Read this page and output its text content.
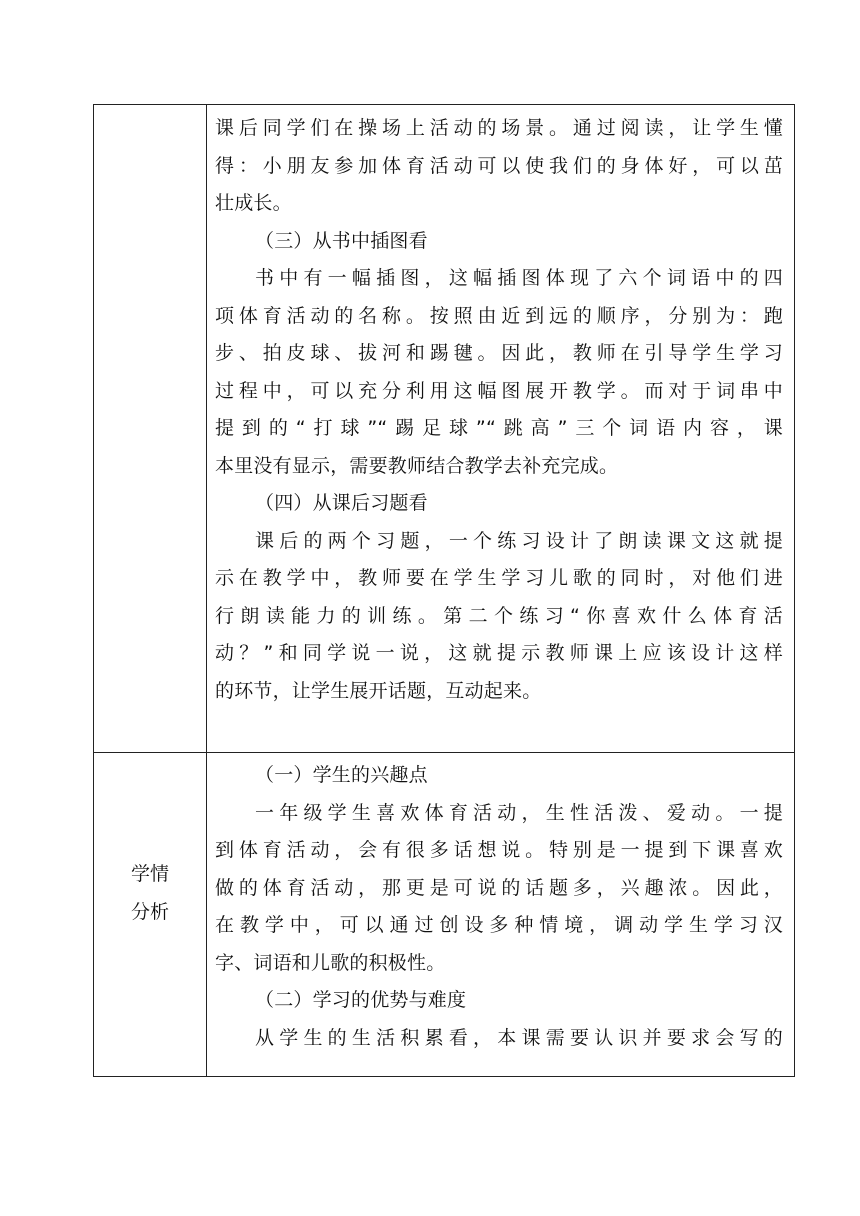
课后同学们在操场上活动的场景。通过阅读，让学生懂
得：小朋友参加体育活动可以使我们的身体好，可以茁
壮成长。
（三）从书中插图看
书中有一幅插图，这幅插图体现了六个词语中的四
项体育活动的名称。按照由近到远的顺序，分别为：跑
步、拍皮球、拔河和踢毽。因此，教师在引导学生学习
过程中，可以充分利用这幅图展开教学。而对于词串中
提到的“打球”“踢足球”“跳高”三个词语内容，课
本里没有显示，需要教师结合教学去补充完成。
（四）从课后习题看
课后的两个习题，一个练习设计了朗读课文这就提
示在教学中，教师要在学生学习儿歌的同时，对他们进
行朗读能力的训练。第二个练习“你喜欢什么体育活
动？”和同学说一说，这就提示教师课上应该设计这样
的环节，让学生展开话题，互动起来。
学情
分析
（一）学生的兴趣点
一年级学生喜欢体育活动，生性活泼、爱动。一提
到体育活动，会有很多话想说。特别是一提到下课喜欢
做的体育活动，那更是可说的话题多，兴趣浓。因此，
在教学中，可以通过创设多种情境，调动学生学习汉
字、词语和儿歌的积极性。
（二）学习的优势与难度
从学生的生活积累看，本课需要认识并要求会写的
